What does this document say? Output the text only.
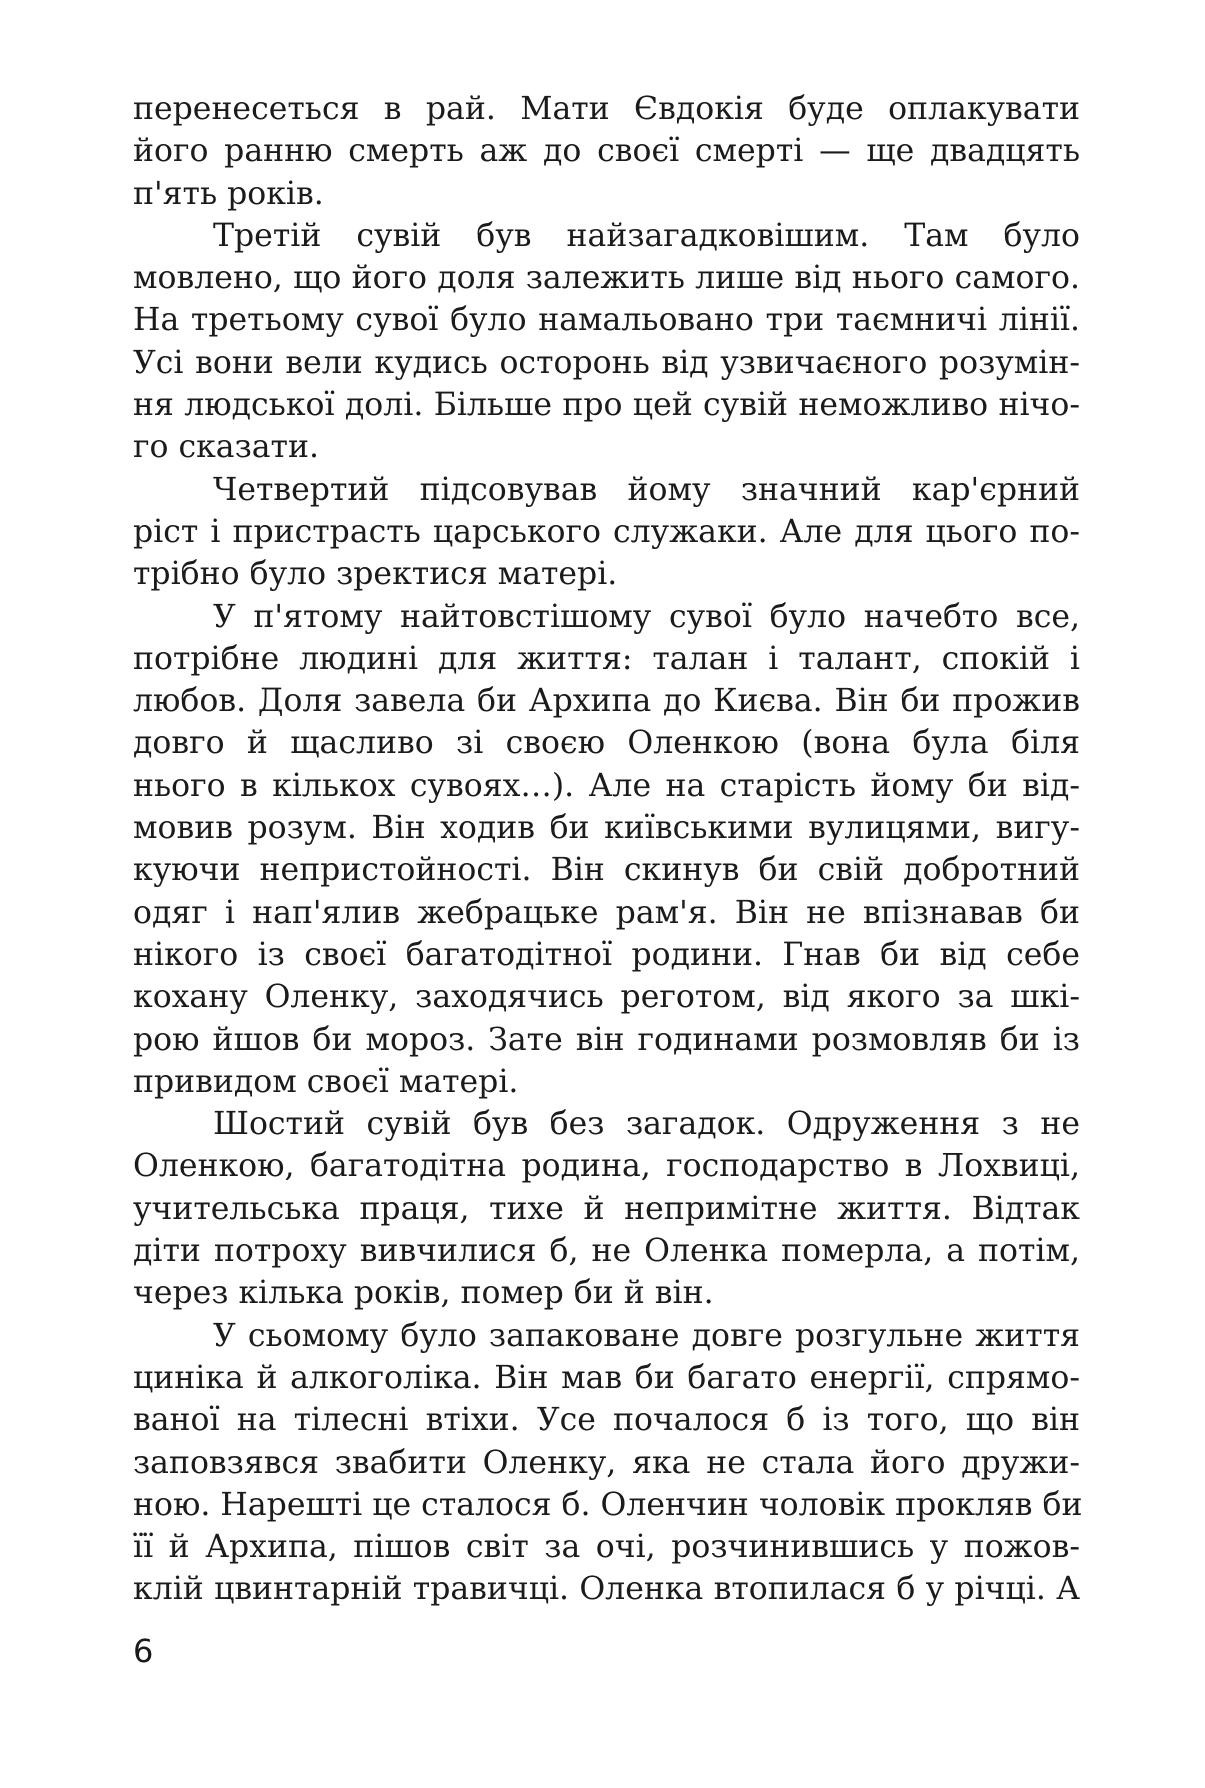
перенесеться в рай. Мати Євдокія буде оплакувати
його ранню смерть аж до своєї смерті — ще двадцять
п'ять років.
Третій сувій був найзагадковішим. Там було
мовлено, що його доля залежить лише від нього самого.
На третьому сувої було намальовано три таємничі лінії.
Усі вони вели кудись осторонь від узвичаєного розумін-
ня людської долі. Більше про цей сувій неможливо нічо-
го сказати.
Четвертий підсовував йому значний кар'єрний
ріст і пристрасть царського служаки. Але для цього по-
трібно було зректися матері.
У п'ятому найтовстішому сувої було начебто все,
потрібне людині для життя: талан і талант, спокій і
любов. Доля завела би Архипа до Києва. Він би прожив
довго й щасливо зі своєю Оленкою (вона була біля
нього в кількох сувоях…). Але на старість йому би від-
мовив розум. Він ходив би київськими вулицями, вигу-
куючи непристойності. Він скинув би свій добротний
одяг і нап'ялив жебрацьке рам'я. Він не впізнавав би
нікого із своєї багатодітної родини. Гнав би від себе
кохану Оленку, заходячись реготом, від якого за шкі-
рою йшов би мороз. Зате він годинами розмовляв би із
привидом своєї матері.
Шостий сувій був без загадок. Одруження з не
Оленкою, багатодітна родина, господарство в Лохвиці,
учительська праця, тихе й непримітне життя. Відтак
діти потроху вивчилися б, не Оленка померла, а потім,
через кілька років, помер би й він.
У сьомому було запаковане довге розгульне життя
циніка й алкоголіка. Він мав би багато енергії, спрямо-
ваної на тілесні втіхи. Усе почалося б із того, що він
заповзявся звабити Оленку, яка не стала його дружи-
ною. Нарешті це сталося б. Оленчин чоловік прокляв би
її й Архипа, пішов світ за очі, розчинившись у пожов-
клій цвинтарній травичці. Оленка втопилася б у річці. А
6
